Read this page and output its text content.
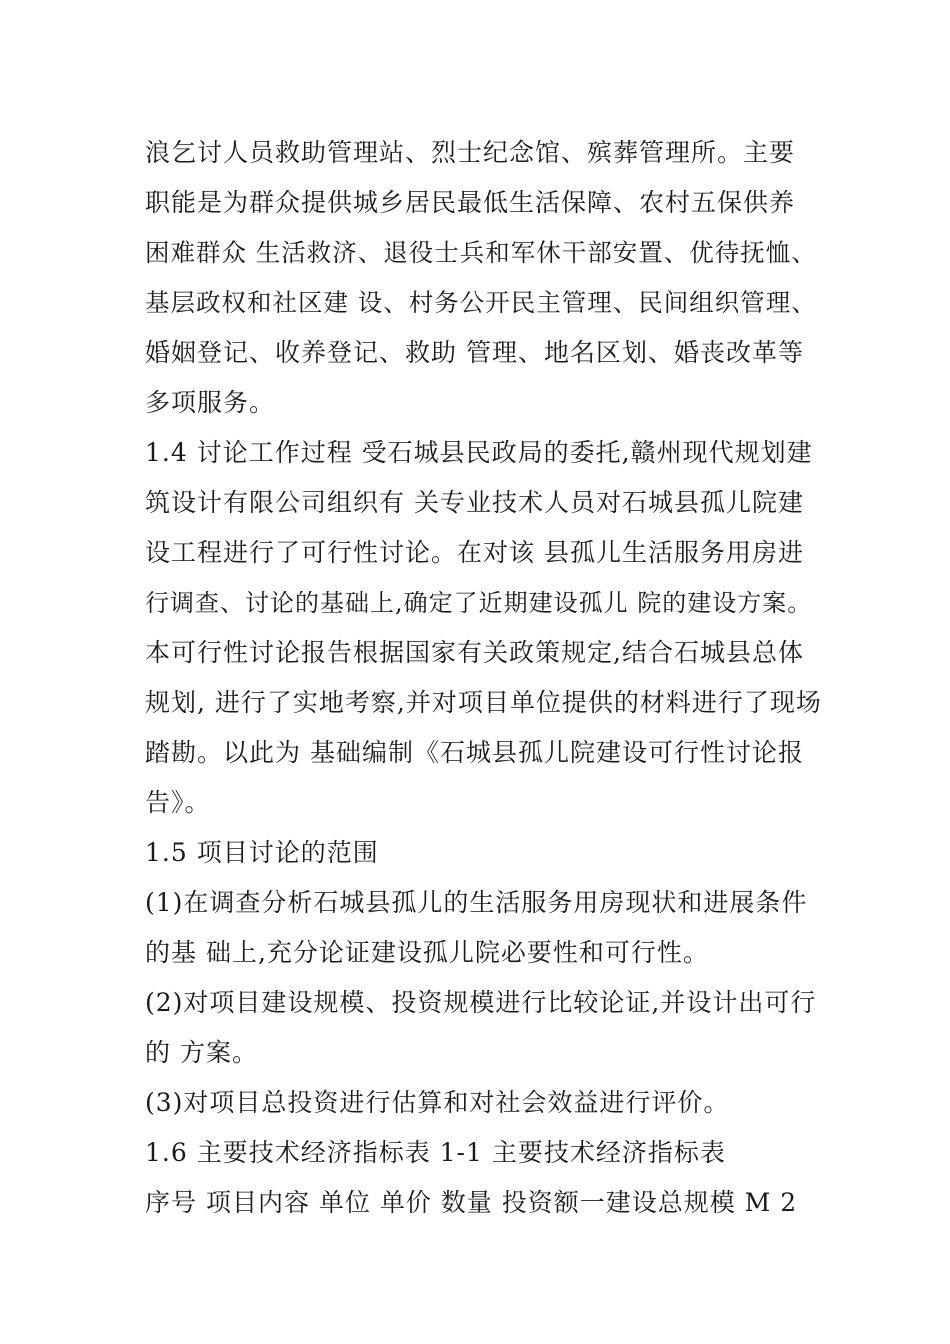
浪乞讨人员救助管理站、烈士纪念馆、殡葬管理所。主要
职能是为群众提供城乡居民最低生活保障、农村五保供养
困难群众 生活救济、退役士兵和军休干部安置、优待抚恤、
基层政权和社区建 设、村务公开民主管理、民间组织管理、
婚姻登记、收养登记、救助 管理、地名区划、婚丧改革等
多项服务。
1.4 讨论工作过程 受石城县民政局的委托,赣州现代规划建
筑设计有限公司组织有 关专业技术人员对石城县孤儿院建
设工程进行了可行性讨论。在对该 县孤儿生活服务用房进
行调查、讨论的基础上,确定了近期建设孤儿 院的建设方案。
本可行性讨论报告根据国家有关政策规定,结合石城县总体
规划, 进行了实地考察,并对项目单位提供的材料进行了现场
踏勘。以此为 基础编制《石城县孤儿院建设可行性讨论报
告》。
1.5 项目讨论的范围
(1)在调查分析石城县孤儿的生活服务用房现状和进展条件
的基 础上,充分论证建设孤儿院必要性和可行性。
(2)对项目建设规模、投资规模进行比较论证,并设计出可行
的 方案。
(3)对项目总投资进行估算和对社会效益进行评价。
1.6 主要技术经济指标表 1-1 主要技术经济指标表
序号 项目内容 单位 单价 数量 投资额一建设总规模 M 2
